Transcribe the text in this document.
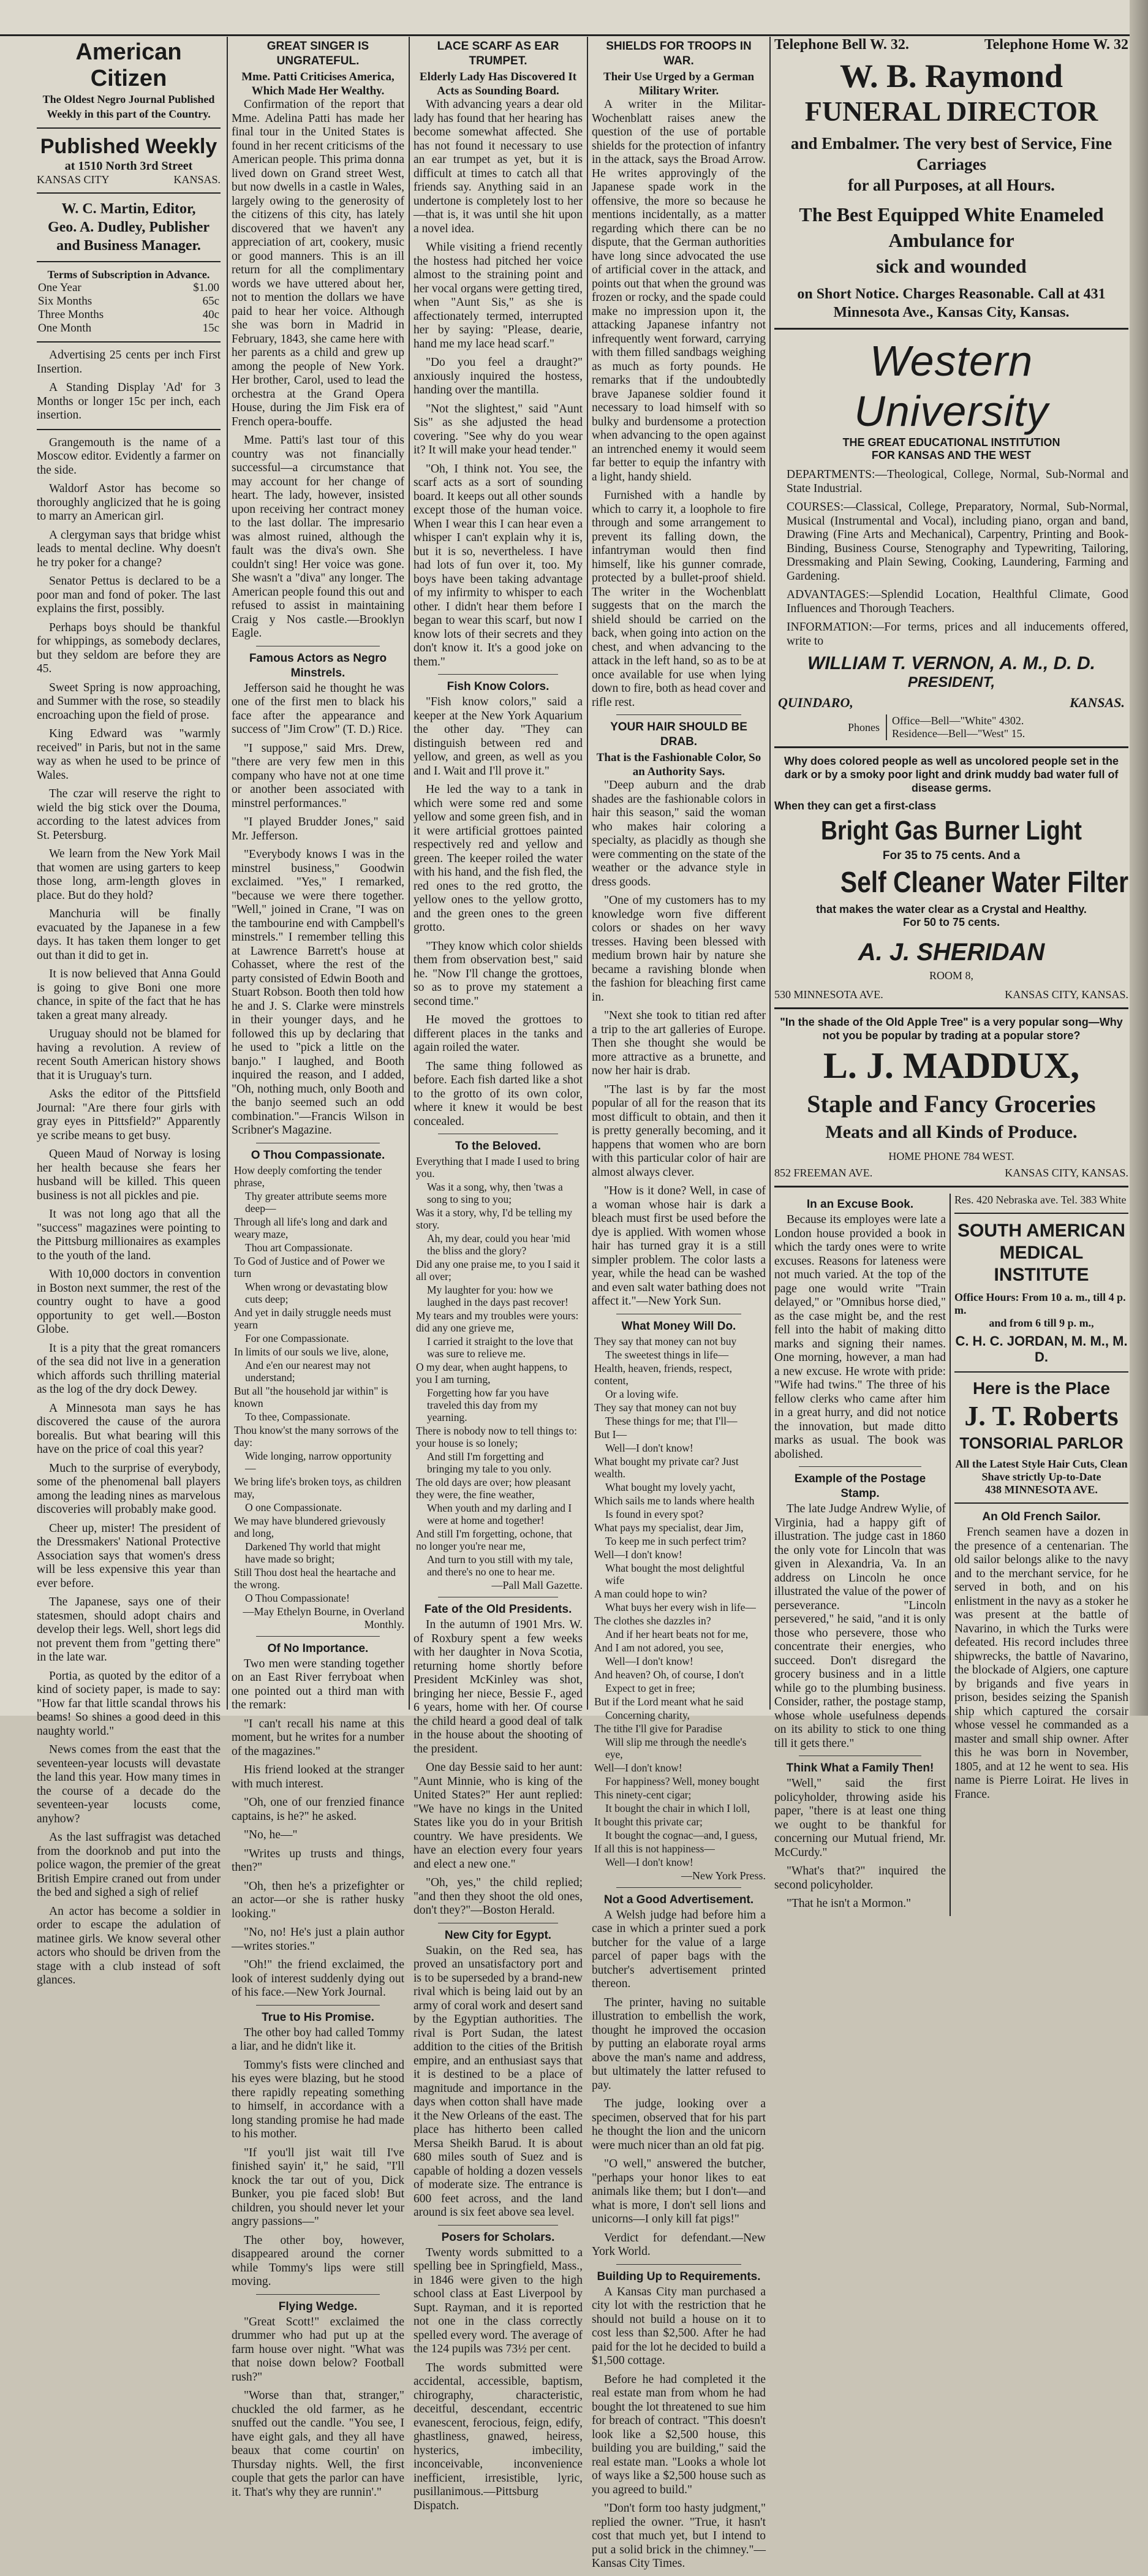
American Citizen
The Oldest Negro Journal Published Weekly in this part of the Country.
Published Weekly
at 1510 North 3rd Street
KANSAS CITY	KANSAS.
W. C. Martin, Editor,
Geo. A. Dudley, Publisher and Business Manager.
Terms of Subscription in Advance.
One Year	$1.00
Six Months	65c
Three Months	40c
One Month	15c

Advertising 25 cents per inch First Insertion.

A Standing Display 'Ad' for 3 Months or longer 15c per inch, each insertion.

Grangemouth is the name of a Moscow editor. Evidently a farmer on the side.

Waldorf Astor has become so thoroughly anglicized that he is going to marry an American girl.

A clergyman says that bridge whist leads to mental decline. Why doesn't he try poker for a change?

Senator Pettus is declared to be a poor man and fond of poker. The last explains the first, possibly.

Perhaps boys should be thankful for whippings, as somebody declares, but they seldom are before they are 45.

Sweet Spring is now approaching, and Summer with the rose, so steadily encroaching upon the field of prose.

King Edward was "warmly received" in Paris, but not in the same way as when he used to be prince of Wales.

The czar will reserve the right to wield the big stick over the Douma, according to the latest advices from St. Petersburg.

We learn from the New York Mail that women are using garters to keep those long, arm-length gloves in place. But do they hold?

Manchuria will be finally evacuated by the Japanese in a few days. It has taken them longer to get out than it did to get in.

It is now believed that Anna Gould is going to give Boni one more chance, in spite of the fact that he has taken a great many already.

Uruguay should not be blamed for having a revolution. A review of recent South American history shows that it is Uruguay's turn.

Asks the editor of the Pittsfield Journal: "Are there four girls with gray eyes in Pittsfield?" Apparently ye scribe means to get busy.

Queen Maud of Norway is losing her health because she fears her husband will be killed. This queen business is not all pickles and pie.

It was not long ago that all the "success" magazines were pointing to the Pittsburg millionaires as examples to the youth of the land.

With 10,000 doctors in convention in Boston next summer, the rest of the country ought to have a good opportunity to get well.—Boston Globe.

It is a pity that the great romancers of the sea did not live in a generation which affords such thrilling material as the log of the dry dock Dewey.

A Minnesota man says he has discovered the cause of the aurora borealis. But what bearing will this have on the price of coal this year?

Much to the surprise of everybody, some of the phenomenal ball players among the leading nines as marvelous discoveries will probably make good.

Cheer up, mister! The president of the Dressmakers' National Protective Association says that women's dress will be less expensive this year than ever before.

The Japanese, says one of their statesmen, should adopt chairs and develop their legs. Well, short legs did not prevent them from "getting there" in the late war.

Portia, as quoted by the editor of a kind of society paper, is made to say: "How far that little scandal throws his beams! So shines a good deed in this naughty world."

News comes from the east that the seventeen-year locusts will devastate the land this year. How many times in the course of a decade do the seventeen-year locusts come, anyhow?

As the last suffragist was detached from the doorknob and put into the police wagon, the premier of the great British Empire craned out from under the bed and sighed a sigh of relief

An actor has become a soldier in order to escape the adulation of matinee girls. We know several other actors who should be driven from the stage with a club instead of soft glances.

GREAT SINGER IS UNGRATEFUL.
Mme. Patti Criticises America, Which Made Her Wealthy.

Confirmation of the report that Mme. Adelina Patti has made her final tour in the United States is found in her recent criticisms of the American people. This prima donna lived down on Grand street West, but now dwells in a castle in Wales, largely owing to the generosity of the citizens of this city, has lately discovered that we haven't any appreciation of art, cookery, music or good manners. This is an ill return for all the complimentary words we have uttered about her, not to mention the dollars we have paid to hear her voice. Although she was born in Madrid in February, 1843, she came here with her parents as a child and grew up among the people of New York. Her brother, Carol, used to lead the orchestra at the Grand Opera House, during the Jim Fisk era of French opera-bouffe.

Mme. Patti's last tour of this country was not financially successful—a circumstance that may account for her change of heart. The lady, however, insisted upon receiving her contract money to the last dollar. The impresario was almost ruined, although the fault was the diva's own. She couldn't sing! Her voice was gone. She wasn't a "diva" any longer. The American people found this out and refused to assist in maintaining Craig y Nos castle.—Brooklyn Eagle.

Famous Actors as Negro Minstrels.

Jefferson said he thought he was one of the first men to black his face after the appearance and success of "Jim Crow" (T. D.) Rice.

"I suppose," said Mrs. Drew, "there are very few men in this company who have not at one time or another been associated with minstrel performances."

"I played Brudder Jones," said Mr. Jefferson.

"Everybody knows I was in the minstrel business," Goodwin exclaimed. "Yes," I remarked, "because we were there together. "Well," joined in Crane, "I was on the tambourine end with Campbell's minstrels." I remember telling this at Lawrence Barrett's house at Cohasset, where the rest of the party consisted of Edwin Booth and Stuart Robson. Booth then told how he and J. S. Clarke were minstrels in their younger days, and he followed this up by declaring that he used to "pick a little on the banjo." I laughed, and Booth inquired the reason, and I added, "Oh, nothing much, only Booth and the banjo seemed such an odd combination."—Francis Wilson in Scribner's Magazine.

O Thou Compassionate.
How deeply comforting the tender phrase,
Thy greater attribute seems more deep—
Through all life's long and dark and weary maze,
Thou art Compassionate.
To God of Justice and of Power we turn
When wrong or devastating blow cuts deep;
And yet in daily struggle needs must yearn
For one Compassionate.
In limits of our souls we live, alone,
And e'en our nearest may not understand;
But all "the household jar within" is known
To thee, Compassionate.
Thou know'st the many sorrows of the day:
Wide longing, narrow opportunity—
We bring life's broken toys, as children may,
O one Compassionate.
We may have blundered grievously and long,
Darkened Thy world that might have made so bright;
Still Thou dost heal the heartache and the wrong.
O Thou Compassionate!
—May Ethelyn Bourne, in Overland Monthly.
Of No Importance.

Two men were standing together on an East River ferryboat when one pointed out a third man with the remark:

"I can't recall his name at this moment, but he writes for a number of the magazines."

His friend looked at the stranger with much interest.

"Oh, one of our frenzied finance captains, is he?" he asked.

"No, he—"

"Writes up trusts and things, then?"

"Oh, then he's a prizefighter or an actor—or she is rather husky looking."

"No, no! He's just a plain author—writes stories."

"Oh!" the friend exclaimed, the look of interest suddenly dying out of his face.—New York Journal.

True to His Promise.

The other boy had called Tommy a liar, and he didn't like it.

Tommy's fists were clinched and his eyes were blazing, but he stood there rapidly repeating something to himself, in accordance with a long standing promise he had made to his mother.

"If you'll jist wait till I've finished sayin' it," he said, "I'll knock the tar out of you, Dick Bunker, you pie faced slob! But children, you should never let your angry passions—"

The other boy, however, disappeared around the corner while Tommy's lips were still moving.

Flying Wedge.

"Great Scott!" exclaimed the drummer who had put up at the farm house over night. "What was that noise down below? Football rush?"

"Worse than that, stranger," chuckled the old farmer, as he snuffed out the candle. "You see, I have eight gals, and they all have beaux that come courtin' on Thursday nights. Well, the first couple that gets the parlor can have it. That's why they are runnin'."

LACE SCARF AS EAR TRUMPET.
Elderly Lady Has Discovered It Acts as Sounding Board.

With advancing years a dear old lady has found that her hearing has become somewhat affected. She has not found it necessary to use an ear trumpet as yet, but it is difficult at times to catch all that friends say. Anything said in an undertone is completely lost to her—that is, it was until she hit upon a novel idea.

While visiting a friend recently the hostess had pitched her voice almost to the straining point and her vocal organs were getting tired, when "Aunt Sis," as she is affectionately termed, interrupted her by saying: "Please, dearie, hand me my lace head scarf."

"Do you feel a draught?" anxiously inquired the hostess, handing over the mantilla.

"Not the slightest," said "Aunt Sis" as she adjusted the head covering. "See why do you wear it? It will make your head tender."

"Oh, I think not. You see, the scarf acts as a sort of sounding board. It keeps out all other sounds except those of the human voice. When I wear this I can hear even a whisper I can't explain why it is, but it is so, nevertheless. I have had lots of fun over it, too. My boys have been taking advantage of my infirmity to whisper to each other. I didn't hear them before I began to wear this scarf, but now I know lots of their secrets and they don't know it. It's a good joke on them."

Fish Know Colors.

"Fish know colors," said a keeper at the New York Aquarium the other day. "They can distinguish between red and yellow, and green, as well as you and I. Wait and I'll prove it."

He led the way to a tank in which were some red and some yellow and some green fish, and in it were artificial grottoes painted respectively red and yellow and green. The keeper roiled the water with his hand, and the fish fled, the red ones to the red grotto, the yellow ones to the yellow grotto, and the green ones to the green grotto.

"They know which color shields them from observation best," said he. "Now I'll change the grottoes, so as to prove my statement a second time."

He moved the grottoes to different places in the tanks and again roiled the water.

The same thing followed as before. Each fish darted like a shot to the grotto of its own color, where it knew it would be best concealed.

To the Beloved.
Everything that I made I used to bring you.
Was it a song, why, then 'twas a song to sing to you;
Was it a story, why, I'd be telling my story.
Ah, my dear, could you hear 'mid the bliss and the glory?
Did any one praise me, to you I said it all over;
My laughter for you: how we laughed in the days past recover!
My tears and my troubles were yours: did any one grieve me,
I carried it straight to the love that was sure to relieve me.
O my dear, when aught happens, to you I am turning,
Forgetting how far you have traveled this day from my yearning.
There is nobody now to tell things to: your house is so lonely;
And still I'm forgetting and bringing my tale to you only.
The old days are over; how pleasant they were, the fine weather,
When youth and my darling and I were at home and together!
And still I'm forgetting, ochone, that no longer you're near me,
And turn to you still with my tale, and there's no one to hear me.
—Pall Mall Gazette.
Fate of the Old Presidents.

In the autumn of 1901 Mrs. W. of Roxbury spent a few weeks with her daughter in Nova Scotia, returning home shortly before President McKinley was shot, bringing her niece, Bessie F., aged 6 years, home with her. Of course the child heard a good deal of talk in the house about the shooting of the president.

One day Bessie said to her aunt: "Aunt Minnie, who is king of the United States?" Her aunt replied: "We have no kings in the United States like you do in your British country. We have presidents. We have an election every four years and elect a new one."

"Oh, yes," the child replied; "and then they shoot the old ones, don't they?"—Boston Herald.

New City for Egypt.

Suakin, on the Red sea, has proved an unsatisfactory port and is to be superseded by a brand-new rival which is being laid out by an army of coral work and desert sand by the Egyptian authorities. The rival is Port Sudan, the latest addition to the cities of the British empire, and an enthusiast says that it is destined to be a place of magnitude and importance in the days when cotton shall have made it the New Orleans of the east. The place has hitherto been called Mersa Sheikh Barud. It is about 680 miles south of Suez and is capable of holding a dozen vessels of moderate size. The entrance is 600 feet across, and the land around is six feet above sea level.

Posers for Scholars.

Twenty words submitted to a spelling bee in Springfield, Mass., in 1846 were given to the high school class at East Liverpool by Supt. Rayman, and it is reported not one in the class correctly spelled every word. The average of the 124 pupils was 73½ per cent.

The words submitted were accidental, accessible, baptism, chirography, characteristic, deceitful, descendant, eccentric evanescent, ferocious, feign, edify, ghastliness, gnawed, heiress, hysterics, imbecility, inconceivable, inconvenience inefficient, irresistible, lyric, pusillanimous.—Pittsburg Dispatch.

SHIELDS FOR TROOPS IN WAR.
Their Use Urged by a German Military Writer.

A writer in the Militar-Wochenblatt raises anew the question of the use of portable shields for the protection of infantry in the attack, says the Broad Arrow. He writes approvingly of the Japanese spade work in the offensive, the more so because he mentions incidentally, as a matter regarding which there can be no dispute, that the German authorities have long since advocated the use of artificial cover in the attack, and points out that when the ground was frozen or rocky, and the spade could make no impression upon it, the attacking Japanese infantry not infrequently went forward, carrying with them filled sandbags weighing as much as forty pounds. He remarks that if the undoubtedly brave Japanese soldier found it necessary to load himself with so bulky and burdensome a protection when advancing to the open against an intrenched enemy it would seem far better to equip the infantry with a light, handy shield.

Furnished with a handle by which to carry it, a loophole to fire through and some arrangement to prevent its falling down, the infantryman would then find himself, like his gunner comrade, protected by a bullet-proof shield. The writer in the Wochenblatt suggests that on the march the shield should be carried on the back, when going into action on the chest, and when advancing to the attack in the left hand, so as to be at once available for use when lying down to fire, both as head cover and rifle rest.

YOUR HAIR SHOULD BE DRAB.
That is the Fashionable Color, So an Authority Says.

"Deep auburn and the drab shades are the fashionable colors in hair this season," said the woman who makes hair coloring a specialty, as placidly as though she were commenting on the state of the weather or the advance style in dress goods.

"One of my customers has to my knowledge worn five different colors or shades on her wavy tresses. Having been blessed with medium brown hair by nature she became a ravishing blonde when the fashion for bleaching first came in.

"Next she took to titian red after a trip to the art galleries of Europe. Then she thought she would be more attractive as a brunette, and now her hair is drab.

"The last is by far the most popular of all for the reason that its most difficult to obtain, and then it is pretty generally becoming, and it happens that women who are born with this particular color of hair are almost always clever.

"How is it done? Well, in case of a woman whose hair is dark a bleach must first be used before the dye is applied. With women whose hair has turned gray it is a still simpler problem. The color lasts a year, while the head can be washed and even salt water bathing does not affect it."—New York Sun.

What Money Will Do.
They say that money can not buy
The sweetest things in life—
Health, heaven, friends, respect, content,
Or a loving wife.
They say that money can not buy
These things for me; that I'll—
But I—
Well—I don't know!
What bought my private car? Just wealth.
What bought my lovely yacht,
Which sails me to lands where health
Is found in every spot?
What pays my specialist, dear Jim,
To keep me in such perfect trim?
Well—I don't know!
What bought the most delightful wife
A man could hope to win?
What buys her every wish in life—
The clothes she dazzles in?
And if her heart beats not for me,
And I am not adored, you see,
Well—I don't know!
And heaven? Oh, of course, I don't
Expect to get in free;
But if the Lord meant what he said
Concerning charity,
The tithe I'll give for Paradise
Will slip me through the needle's eye,
Well—I don't know!
For happiness? Well, money bought
This ninety-cent cigar;
It bought the chair in which I loll,
It bought this private car;
It bought the cognac—and, I guess,
If all this is not happiness—
Well—I don't know!
—New York Press.
Not a Good Advertisement.

A Welsh judge had before him a case in which a printer sued a pork butcher for the value of a large parcel of paper bags with the butcher's advertisement printed thereon.

The printer, having no suitable illustration to embellish the work, thought he improved the occasion by putting an elaborate royal arms above the man's name and address, but ultimately the latter refused to pay.

The judge, looking over a specimen, observed that for his part he thought the lion and the unicorn were much nicer than an old fat pig.

"O well," answered the butcher, "perhaps your honor likes to eat animals like them; but I don't—and what is more, I don't sell lions and unicorns—I only kill fat pigs!"

Verdict for defendant.—New York World.

Building Up to Requirements.

A Kansas City man purchased a city lot with the restriction that he should not build a house on it to cost less than $2,500. After he had paid for the lot he decided to build a $1,500 cottage.

Before he had completed it the real estate man from whom he had bought the lot threatened to sue him for breach of contract. "This doesn't look like a $2,500 house, this building you are building," said the real estate man. "Looks a whole lot of ways like a $2,500 house such as you agreed to build."

"Don't form too hasty judgment," replied the owner. "True, it hasn't cost that much yet, but I intend to put a solid brick in the chimney."—Kansas City Times.

Telephone Bell W. 32.	Telephone Home W. 32
W. B. Raymond
FUNERAL DIRECTOR
and Embalmer. The very best of Service, Fine Carriages
for all Purposes, at all Hours.
The Best Equipped White Enameled Ambulance for
sick and wounded
on Short Notice. Charges Reasonable. Call at 431 Minnesota Ave., Kansas City, Kansas.
Western University
THE GREAT EDUCATIONAL INSTITUTION
FOR KANSAS AND THE WEST

DEPARTMENTS:—Theological, College, Normal, Sub-Normal and State Industrial.

COURSES:—Classical, College, Preparatory, Normal, Sub-Normal, Musical (Instrumental and Vocal), including piano, organ and band, Drawing (Fine Arts and Mechanical), Carpentry, Printing and Book-Binding, Business Course, Stenography and Typewriting, Tailoring, Dressmaking and Plain Sewing, Cooking, Laundering, Farming and Gardening.

ADVANTAGES:—Splendid Location, Healthful Climate, Good Influences and Thorough Teachers.

INFORMATION:—For terms, prices and all inducements offered, write to

WILLIAM T. VERNON, A. M., D. D.
PRESIDENT,
QUINDARO,	KANSAS.
Phones
Office—Bell—"White" 4302.
Residence—Bell—"West" 15.
Why does colored people as well as uncolored people set in the dark or by a smoky poor light and drink muddy bad water full of disease germs.
When they can get a first-class
Bright Gas Burner Light
For 35 to 75 cents. And a
Self Cleaner Water Filter
that makes the water clear as a Crystal and Healthy.
For 50 to 75 cents.
A. J. SHERIDAN
ROOM 8,
530 MINNESOTA AVE.	KANSAS CITY, KANSAS.
"In the shade of the Old Apple Tree" is a very popular song—Why not you be popular by trading at a popular store?
L. J. MADDUX,
Staple and Fancy Groceries
Meats and all Kinds of Produce.
HOME PHONE 784 WEST.
852 FREEMAN AVE.	KANSAS CITY, KANSAS.
In an Excuse Book.

Because its employes were late a London house provided a book in which the tardy ones were to write excuses. Reasons for lateness were not much varied. At the top of the page one would write "Train delayed," or "Omnibus horse died," as the case might be, and the rest fell into the habit of making ditto marks and signing their names. One morning, however, a man had a new excuse. He wrote with pride: "Wife had twins." The three of his fellow clerks who came after him in a great hurry, and did not notice the innovation, but made ditto marks as usual. The book was abolished.

Example of the Postage Stamp.

The late Judge Andrew Wylie, of Virginia, had a happy gift of illustration. The judge cast in 1860 the only vote for Lincoln that was given in Alexandria, Va. In an address on Lincoln he once illustrated the value of the power of perseverance. "Lincoln persevered," he said, "and it is only those who persevere, those who concentrate their energies, who succeed. Don't disregard the grocery business and in a little while go to the plumbing business. Consider, rather, the postage stamp, whose whole usefulness depends on its ability to stick to one thing till it gets there."

Think What a Family Then!

"Well," said the first policyholder, throwing aside his paper, "there is at least one thing we ought to be thankful for concerning our Mutual friend, Mr. McCurdy."

"What's that?" inquired the second policyholder.

"That he isn't a Mormon."

Res. 420 Nebraska ave. Tel. 383 White
SOUTH AMERICAN MEDICAL INSTITUTE
Office Hours: From 10 a. m., till 4 p. m.
and from 6 till 9 p. m.,
C. H. C. JORDAN, M. M., M. D.
Here is the Place
J. T. Roberts
TONSORIAL PARLOR
All the Latest Style Hair Cuts, Clean
Shave strictly Up-to-Date
438 MINNESOTA AVE.
An Old French Sailor.

French seamen have a dozen in the presence of a centenarian. The old sailor belongs alike to the navy and to the merchant service, for he served in both, and on his enlistment in the navy as a stoker he was present at the battle of Navarino, in which the Turks were defeated. His record includes three shipwrecks, the battle of Navarino, the blockade of Algiers, one capture by brigands and five years in prison, besides seizing the Spanish ship which captured the corsair whose vessel he commanded as a master and small ship owner. After this he was born in November, 1805, and at 12 he went to sea. His name is Pierre Loirat. He lives in France.
